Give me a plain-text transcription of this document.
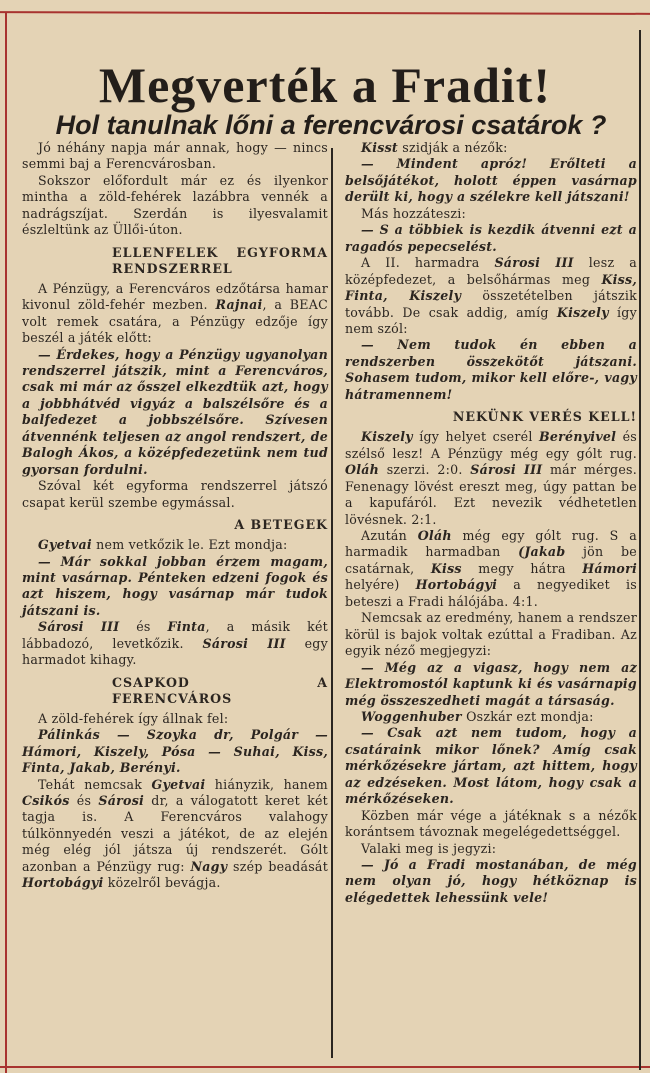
Megverték a Fradit!
Hol tanulnak lőni a ferencvárosi csatárok ?

Jó néhány napja már annak, hogy — nincs semmi baj a Ferencvárosban.

Sokszor előfordult már ez és ilyenkor mintha a zöld-fehérek lazábbra vennék a nadrágszíjat. Szerdán is ilyesvalamit észleltünk az Üllői-úton.

ELLENFELEK EGYFORMA RENDSZERREL

A Pénzügy, a Ferencváros edzőtársa hamar kivonul zöld-fehér mezben. Rajnai, a BEAC volt remek csatára, a Pénzügy edzője így beszél a játék előtt:

— Érdekes, hogy a Pénzügy ugyanolyan rendszerrel játszik, mint a Ferencváros, csak mi már az ősszel elkezdtük azt, hogy a jobbhátvéd vigyáz a balszélsőre és a balfedezet a jobbszélsőre. Szívesen átvennénk teljesen az angol rendszert, de Balogh Ákos, a középfedezetünk nem tud gyorsan fordulni.

Szóval két egyforma rendszerrel játszó csapat kerül szembe egymással.

A BETEGEK

Gyetvai nem vetkőzik le. Ezt mondja:

— Már sokkal jobban érzem magam, mint vasárnap. Pénteken edzeni fogok és azt hiszem, hogy vasárnap már tudok játszani is.

Sárosi III és Finta, a másik két lábbadozó, levetkőzik. Sárosi III egy harmadot kihagy.

CSAPKOD A FERENCVÁROS

A zöld-fehérek így állnak fel:

Pálinkás — Szoyka dr, Polgár — Hámori, Kiszely, Pósa — Suhai, Kiss, Finta, Jakab, Berényi.

Tehát nemcsak Gyetvai hiányzik, hanem Csikós és Sárosi dr, a válogatott keret két tagja is. A Ferencváros valahogy túlkönnyedén veszi a játékot, de az elején még elég jól játsza új rendszerét. Gólt azonban a Pénzügy rug: Nagy szép beadását Hortobágyi közelről bevágja.

Kisst szidják a nézők:

— Mindent apróz! Erőlteti a belsőjátékot, holott éppen vasárnap derült ki, hogy a szélekre kell játszani!

Más hozzáteszi:

— S a többiek is kezdik átvenni ezt a ragadós pepecselést.

A II. harmadra Sárosi III lesz a középfedezet, a belsőhármas meg Kiss, Finta, Kiszely összetételben játszik tovább. De csak addig, amíg Kiszely így nem szól:

— Nem tudok én ebben a rendszerben összekötőt játszani. Sohasem tudom, mikor kell előre-, vagy hátramennem!

NEKÜNK VERÉS KELL!

Kiszely így helyet cserél Berényivel és szélső lesz! A Pénzügy még egy gólt rug. Oláh szerzi. 2:0. Sárosi III már mérges. Fenenagy lövést ereszt meg, úgy pattan be a kapufáról. Ezt nevezik védhetetlen lövésnek. 2:1.

Azután Oláh még egy gólt rug. S a harmadik harmadban (Jakab jön be csatárnak, Kiss megy hátra Hámori helyére) Hortobágyi a negyediket is beteszi a Fradi hálójába. 4:1.

Nemcsak az eredmény, hanem a rendszer körül is bajok voltak ezúttal a Fradiban. Az egyik néző megjegyzi:

— Még az a vigasz, hogy nem az Elektromostól kaptunk ki és vasárnapig még összeszedheti magát a társaság.

Woggenhuber Oszkár ezt mondja:

— Csak azt nem tudom, hogy a csatáraink mikor lőnek? Amíg csak mérkőzésekre jártam, azt hittem, hogy az edzéseken. Most látom, hogy csak a mérkőzéseken.

Közben már vége a játéknak s a nézők korántsem távoznak megelégedettséggel.

Valaki meg is jegyzi:

— Jó a Fradi mostanában, de még nem olyan jó, hogy hétköznap is elégedettek lehessünk vele!
